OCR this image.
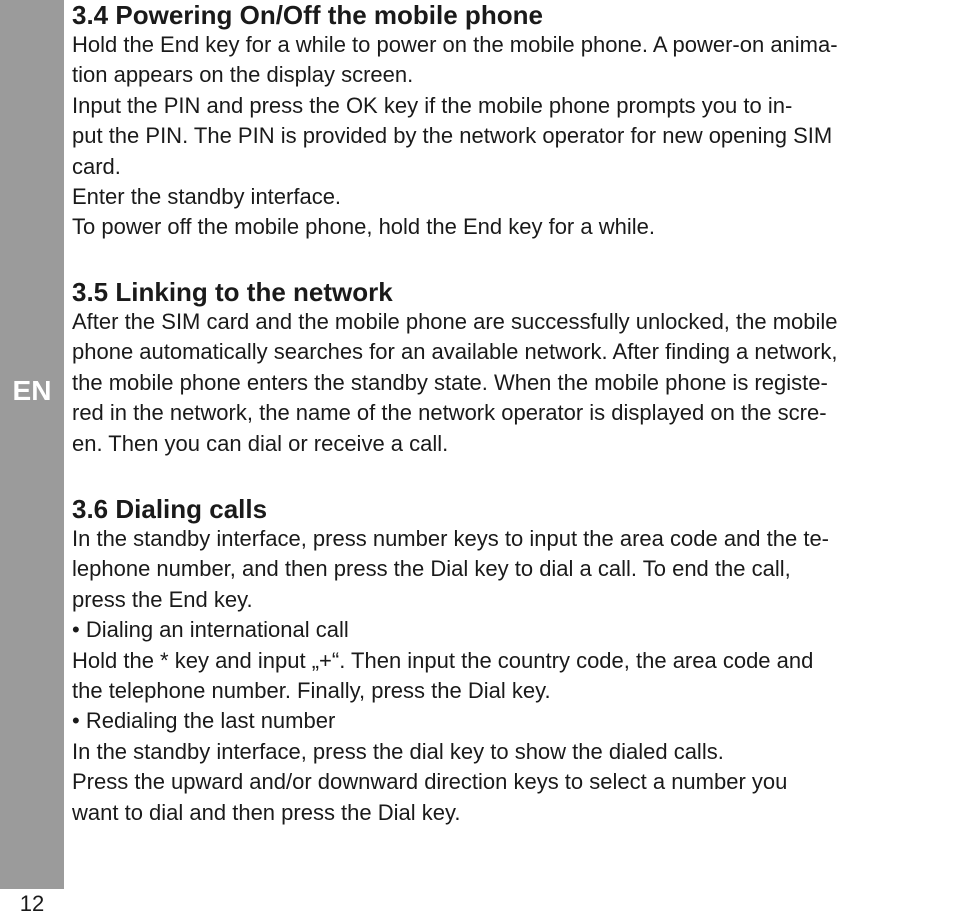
EN
12

3.4 Powering On/Off the mobile phone

Hold the End key for a while to power on the mobile phone. A power-on anima-

tion appears on the display screen.

Input the PIN and press the OK key if the mobile phone prompts you to in-

put the PIN. The PIN is provided by the network operator for new opening SIM

card.

Enter the standby interface.

To power off the mobile phone, hold the End key for a while.

3.5 Linking to the network

After the SIM card and the mobile phone are successfully unlocked, the mobile

phone automatically searches for an available network. After finding a network,

the mobile phone enters the standby state. When the mobile phone is registe-

red in the network, the name of the network operator is displayed on the scre-

en. Then you can dial or receive a call.

3.6 Dialing calls

In the standby interface, press number keys to input the area code and the te-

lephone number, and then press the Dial key to dial a call. To end the call,

press the End key.

• Dialing an international call

Hold the * key and input „+“. Then input the country code, the area code and

the telephone number. Finally, press the Dial key.

• Redialing the last number

In the standby interface, press the dial key to show the dialed calls.

Press the upward and/or downward direction keys to select a number you

want to dial and then press the Dial key.
